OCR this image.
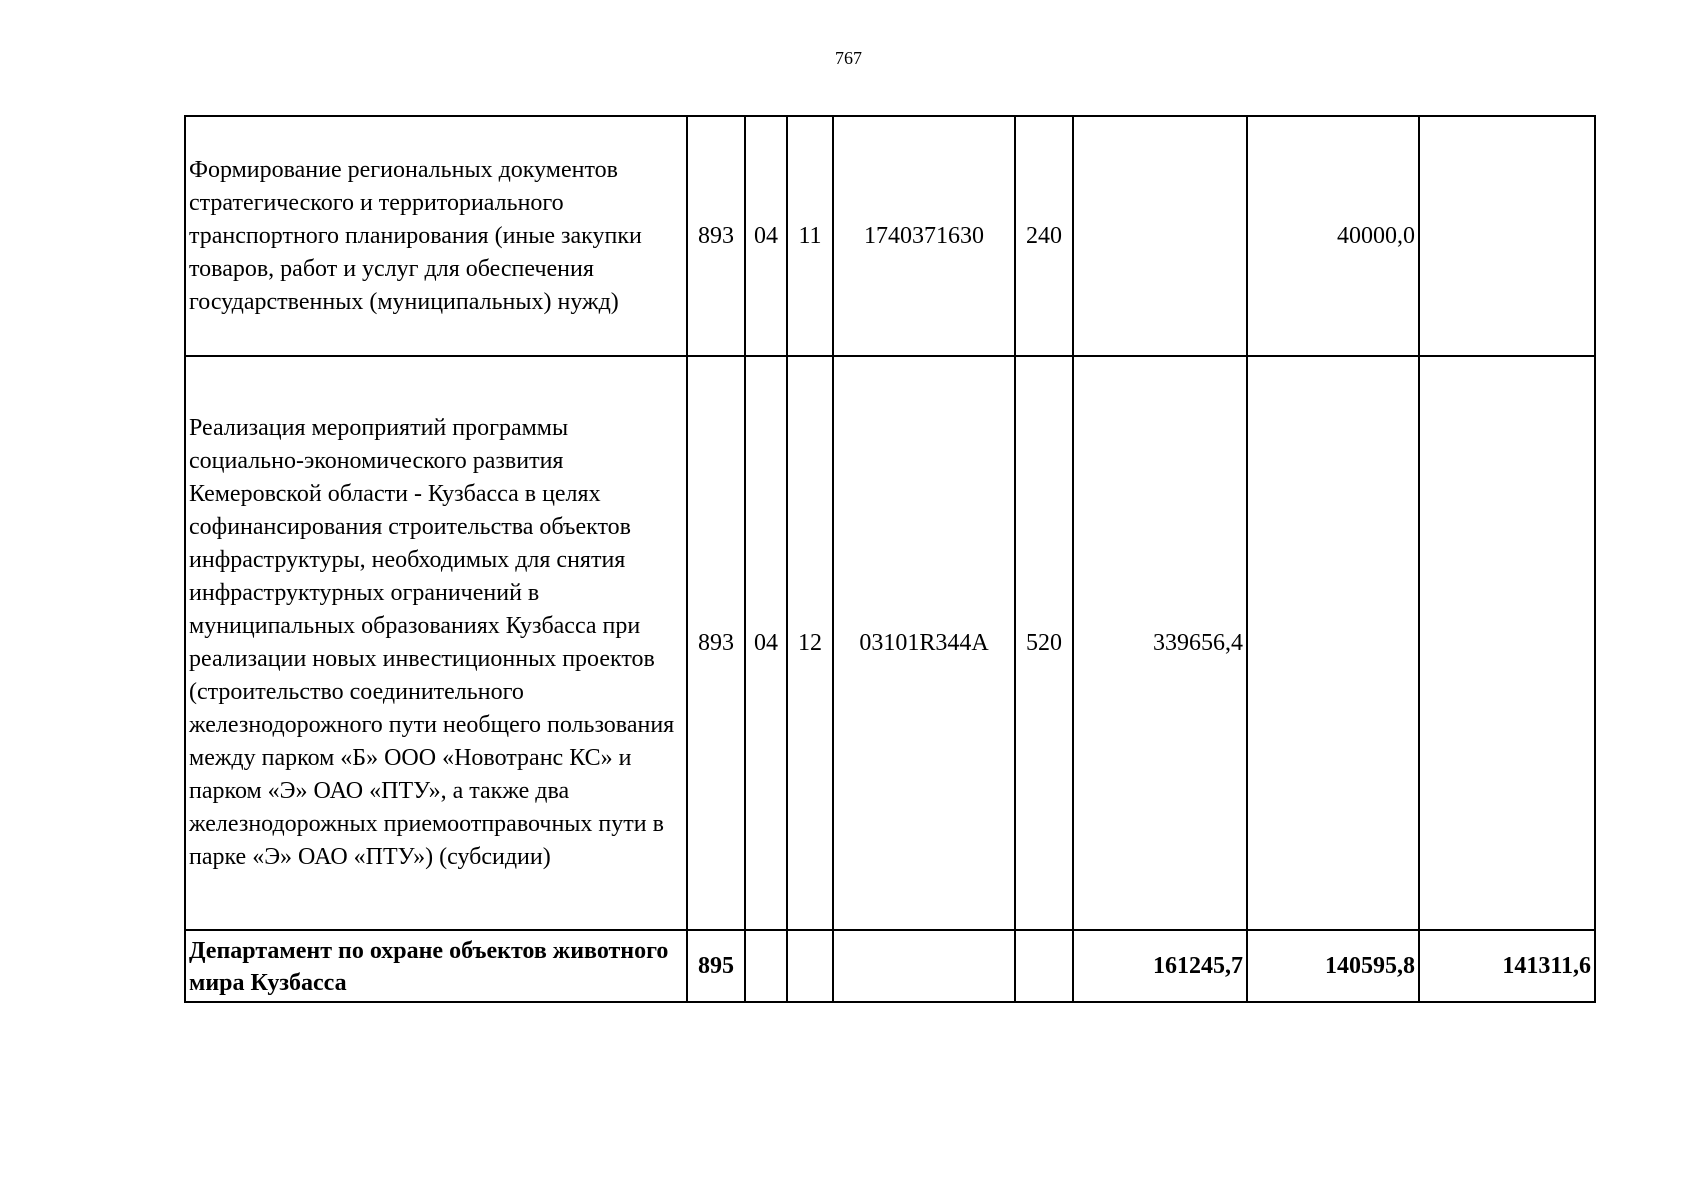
767
Формирование региональных документов стратегического и территориального транспортного планирования (иные закупки товаров, работ и услуг для обеспечения государственных (муниципальных) нужд)	893	04	11	1740371630	240		40000,0	
Реализация мероприятий программы социально-экономического развития Кемеровской области - Кузбасса в целях софинансирования строительства объектов инфраструктуры, необходимых для снятия инфраструктурных ограничений в муниципальных образованиях Кузбасса при реализации новых инвестиционных проектов (строительство соединительного железнодорожного пути необщего пользования между парком «Б» ООО «Новотранс КС» и парком «Э» ОАО «ПТУ», а также два железнодорожных приемоотправочных пути в парке «Э» ОАО «ПТУ») (субсидии)	893	04	12	03101R344A	520	339656,4		
Департамент по охране объектов животного мира Кузбасса	895					161245,7	140595,8	141311,6
